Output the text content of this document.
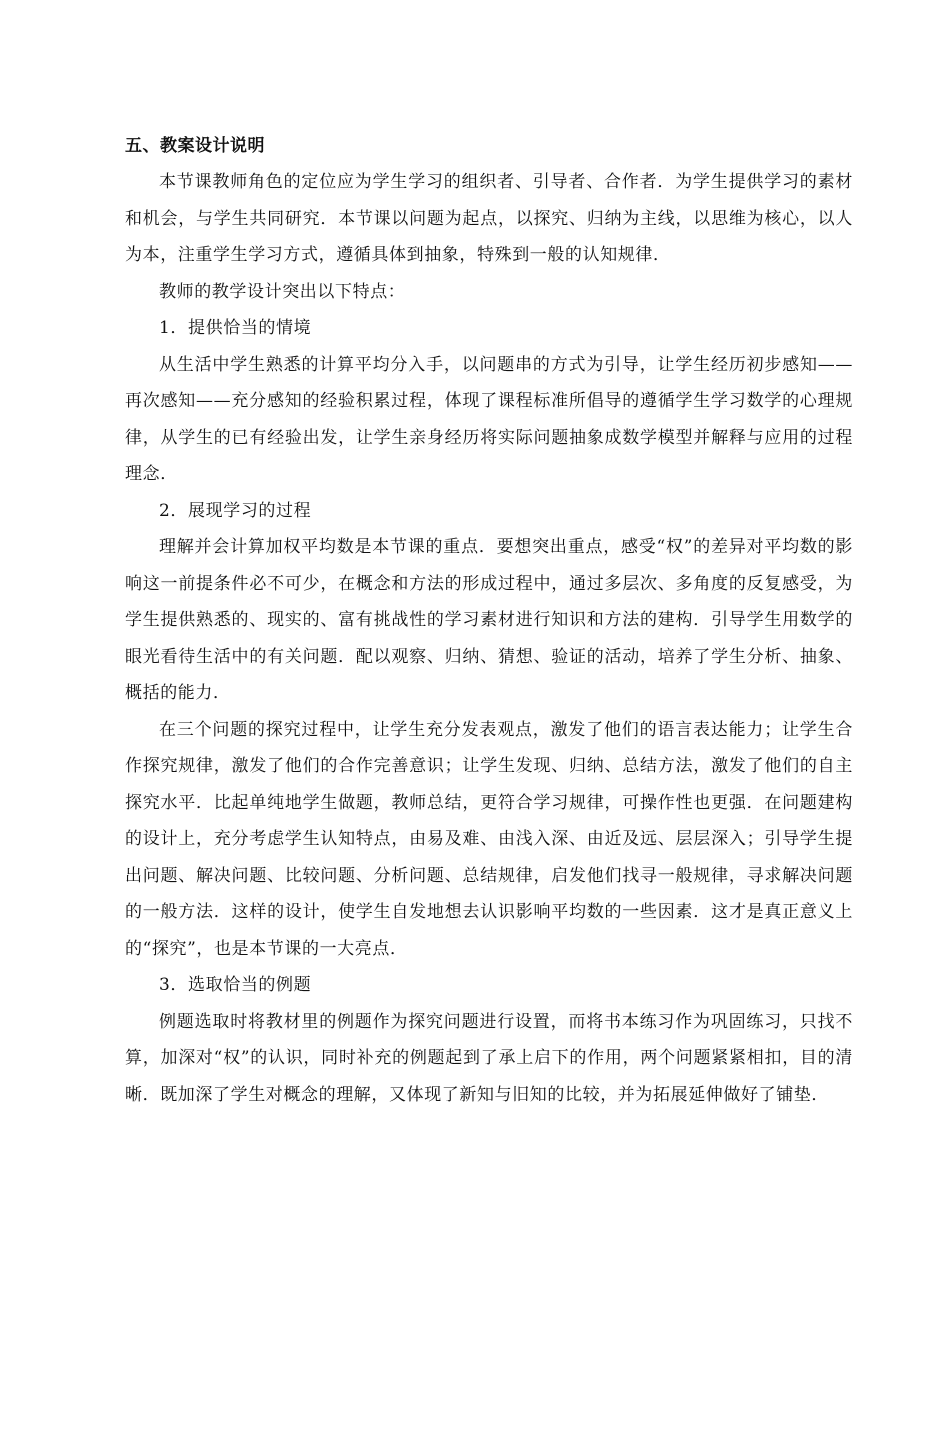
五、教案设计说明

本节课教师角色的定位应为学生学习的组织者、引导者、合作者．为学生提供学习的素材和机会，与学生共同研究．本节课以问题为起点，以探究、归纳为主线，以思维为核心，以人为本，注重学生学习方式，遵循具体到抽象，特殊到一般的认知规律．

教师的教学设计突出以下特点：

1．提供恰当的情境

从生活中学生熟悉的计算平均分入手，以问题串的方式为引导，让学生经历初步感知——再次感知——充分感知的经验积累过程，体现了课程标准所倡导的遵循学生学习数学的心理规律，从学生的已有经验出发，让学生亲身经历将实际问题抽象成数学模型并解释与应用的过程理念．

2．展现学习的过程

理解并会计算加权平均数是本节课的重点．要想突出重点，感受“权”的差异对平均数的影响这一前提条件必不可少，在概念和方法的形成过程中，通过多层次、多角度的反复感受，为学生提供熟悉的、现实的、富有挑战性的学习素材进行知识和方法的建构．引导学生用数学的眼光看待生活中的有关问题．配以观察、归纳、猜想、验证的活动，培养了学生分析、抽象、概括的能力．

在三个问题的探究过程中，让学生充分发表观点，激发了他们的语言表达能力；让学生合作探究规律，激发了他们的合作完善意识；让学生发现、归纳、总结方法，激发了他们的自主探究水平．比起单纯地学生做题，教师总结，更符合学习规律，可操作性也更强．在问题建构的设计上，充分考虑学生认知特点，由易及难、由浅入深、由近及远、层层深入；引导学生提出问题、解决问题、比较问题、分析问题、总结规律，启发他们找寻一般规律，寻求解决问题的一般方法．这样的设计，使学生自发地想去认识影响平均数的一些因素．这才是真正意义上的“探究”，也是本节课的一大亮点．

3．选取恰当的例题

例题选取时将教材里的例题作为探究问题进行设置，而将书本练习作为巩固练习，只找不算，加深对“权”的认识，同时补充的例题起到了承上启下的作用，两个问题紧紧相扣，目的清晰．既加深了学生对概念的理解，又体现了新知与旧知的比较，并为拓展延伸做好了铺垫．
